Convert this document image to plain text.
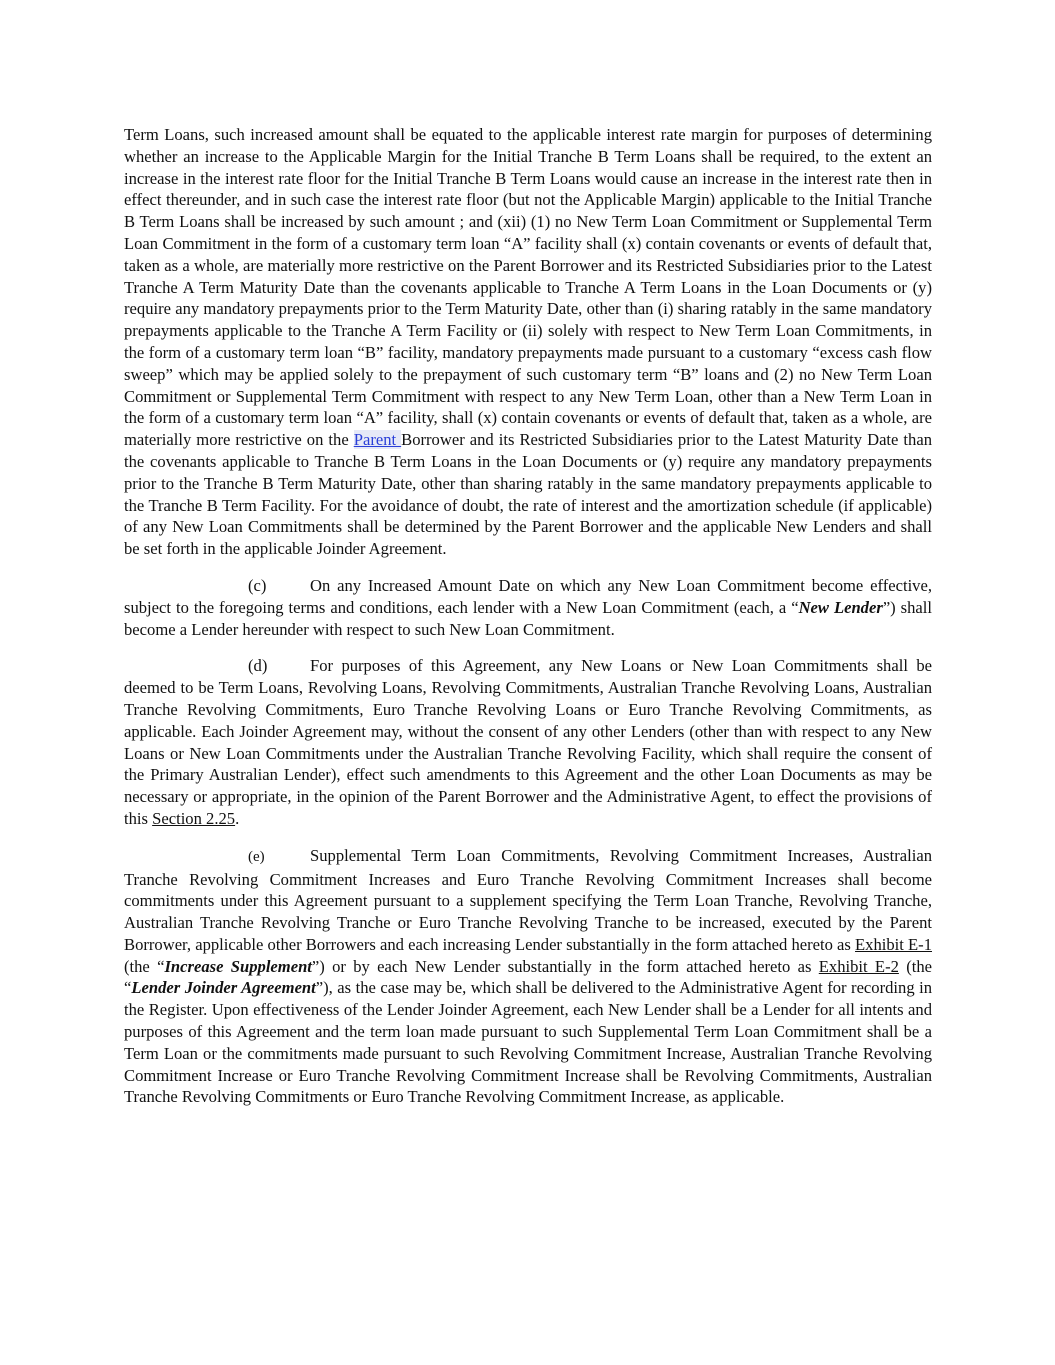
Term Loans, such increased amount shall be equated to the applicable interest rate margin for purposes of determining whether an increase to the Applicable Margin for the Initial Tranche B Term Loans shall be required, to the extent an increase in the interest rate floor for the Initial Tranche B Term Loans would cause an increase in the interest rate then in effect thereunder, and in such case the interest rate floor (but not the Applicable Margin) applicable to the Initial Tranche B Term Loans shall be increased by such amount ; and (xii) (1) no New Term Loan Commitment or Supplemental Term Loan Commitment in the form of a customary term loan “A” facility shall (x) contain covenants or events of default that, taken as a whole, are materially more restrictive on the Parent Borrower and its Restricted Subsidiaries prior to the Latest Tranche A Term Maturity Date than the covenants applicable to Tranche A Term Loans in the Loan Documents or (y) require any mandatory prepayments prior to the Term Maturity Date, other than (i) sharing ratably in the same mandatory prepayments applicable to the Tranche A Term Facility or (ii) solely with respect to New Term Loan Commitments, in the form of a customary term loan “B” facility, mandatory prepayments made pursuant to a customary “excess cash flow sweep” which may be applied solely to the prepayment of such customary term “B” loans and (2) no New Term Loan Commitment or Supplemental Term Commitment with respect to any New Term Loan, other than a New Term Loan in the form of a customary term loan “A” facility, shall (x) contain covenants or events of default that, taken as a whole, are materially more restrictive on the Parent Borrower and its Restricted Subsidiaries prior to the Latest Maturity Date than the covenants applicable to Tranche B Term Loans in the Loan Documents or (y) require any mandatory prepayments prior to the Tranche B Term Maturity Date, other than sharing ratably in the same mandatory prepayments applicable to the Tranche B Term Facility. For the avoidance of doubt, the rate of interest and the amortization schedule (if applicable) of any New Loan Commitments shall be determined by the Parent Borrower and the applicable New Lenders and shall be set forth in the applicable Joinder Agreement.

(c)	On any Increased Amount Date on which any New Loan Commitment become effective, subject to the foregoing terms and conditions, each lender with a New Loan Commitment (each, a “New Lender”) shall become a Lender hereunder with respect to such New Loan Commitment.

(d)	For purposes of this Agreement, any New Loans or New Loan Commitments shall be deemed to be Term Loans, Revolving Loans, Revolving Commitments, Australian Tranche Revolving Loans, Australian Tranche Revolving Commitments, Euro Tranche Revolving Loans or Euro Tranche Revolving Commitments, as applicable. Each Joinder Agreement may, without the consent of any other Lenders (other than with respect to any New Loans or New Loan Commitments under the Australian Tranche Revolving Facility, which shall require the consent of the Primary Australian Lender), effect such amendments to this Agreement and the other Loan Documents as may be necessary or appropriate, in the opinion of the Parent Borrower and the Administrative Agent, to effect the provisions of this Section 2.25.

(e)	Supplemental Term Loan Commitments, Revolving Commitment Increases, Australian Tranche Revolving Commitment Increases and Euro Tranche Revolving Commitment Increases shall become commitments under this Agreement pursuant to a supplement specifying the Term Loan Tranche, Revolving Tranche, Australian Tranche Revolving Tranche or Euro Tranche Revolving Tranche to be increased, executed by the Parent Borrower, applicable other Borrowers and each increasing Lender substantially in the form attached hereto as Exhibit E-1 (the “Increase Supplement”) or by each New Lender substantially in the form attached hereto as Exhibit E-2 (the “Lender Joinder Agreement”), as the case may be, which shall be delivered to the Administrative Agent for recording in the Register. Upon effectiveness of the Lender Joinder Agreement, each New Lender shall be a Lender for all intents and purposes of this Agreement and the term loan made pursuant to such Supplemental Term Loan Commitment shall be a Term Loan or the commitments made pursuant to such Revolving Commitment Increase, Australian Tranche Revolving Commitment Increase or Euro Tranche Revolving Commitment Increase shall be Revolving Commitments, Australian Tranche Revolving Commitments or Euro Tranche Revolving Commitment Increase, as applicable.
